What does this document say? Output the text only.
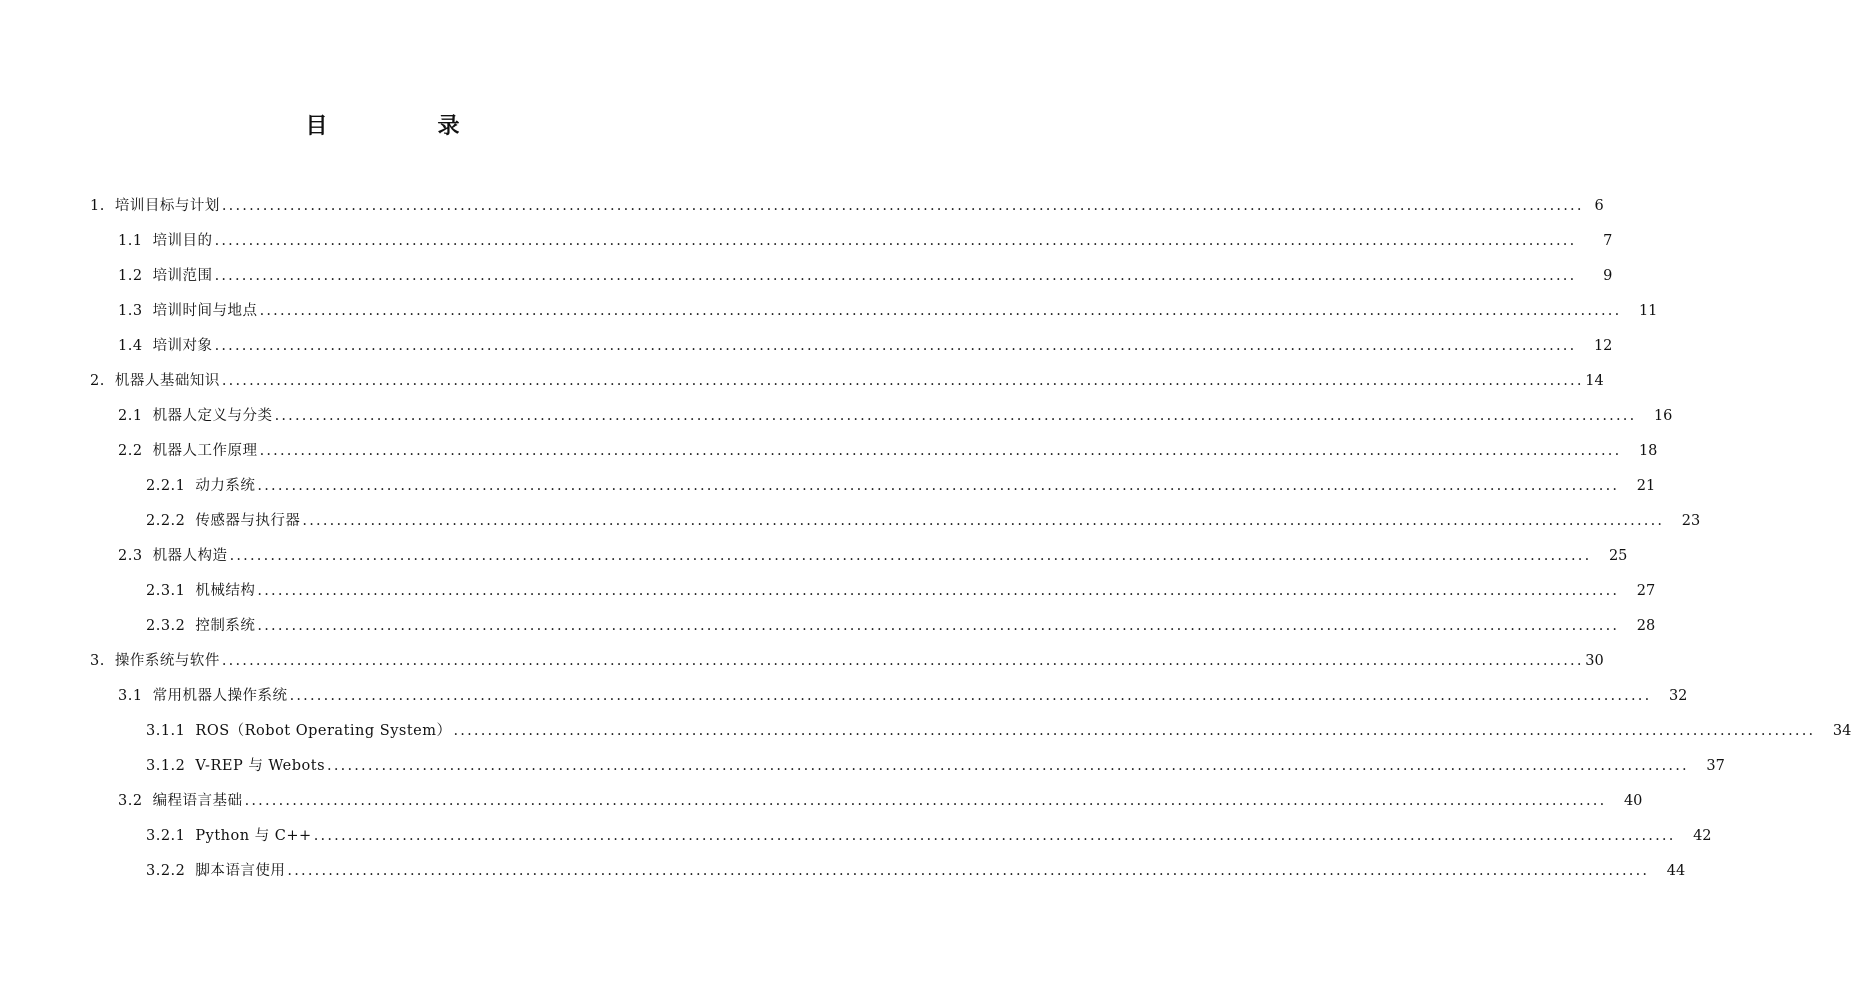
目　录
1. 培训目标与计划 ........................................................................................................................................................................................................ 6
1.1 培训目的 ........................................................................................................................................................................................................	7
1.2 培训范围 ........................................................................................................................................................................................................	9
1.3 培训时间与地点 ........................................................................................................................................................................................................	11
1.4 培训对象 ........................................................................................................................................................................................................	12
2. 机器人基础知识 ........................................................................................................................................................................................................ 14
2.1 机器人定义与分类 ........................................................................................................................................................................................................	16
2.2 机器人工作原理 ........................................................................................................................................................................................................	18
2.2.1 动力系统 ........................................................................................................................................................................................................	21
2.2.2 传感器与执行器 ........................................................................................................................................................................................................	23
2.3 机器人构造 ........................................................................................................................................................................................................	25
2.3.1 机械结构 ........................................................................................................................................................................................................	27
2.3.2 控制系统 ........................................................................................................................................................................................................	28
3. 操作系统与软件 ........................................................................................................................................................................................................ 30
3.1 常用机器人操作系统 ........................................................................................................................................................................................................	32
3.1.1 ROS（Robot Operating System） ........................................................................................................................................................................................................	34
3.1.2 V-REP 与 Webots ........................................................................................................................................................................................................	37
3.2 编程语言基础 ........................................................................................................................................................................................................	40
3.2.1 Python 与 C++ ........................................................................................................................................................................................................	42
3.2.2 脚本语言使用 ........................................................................................................................................................................................................	44
